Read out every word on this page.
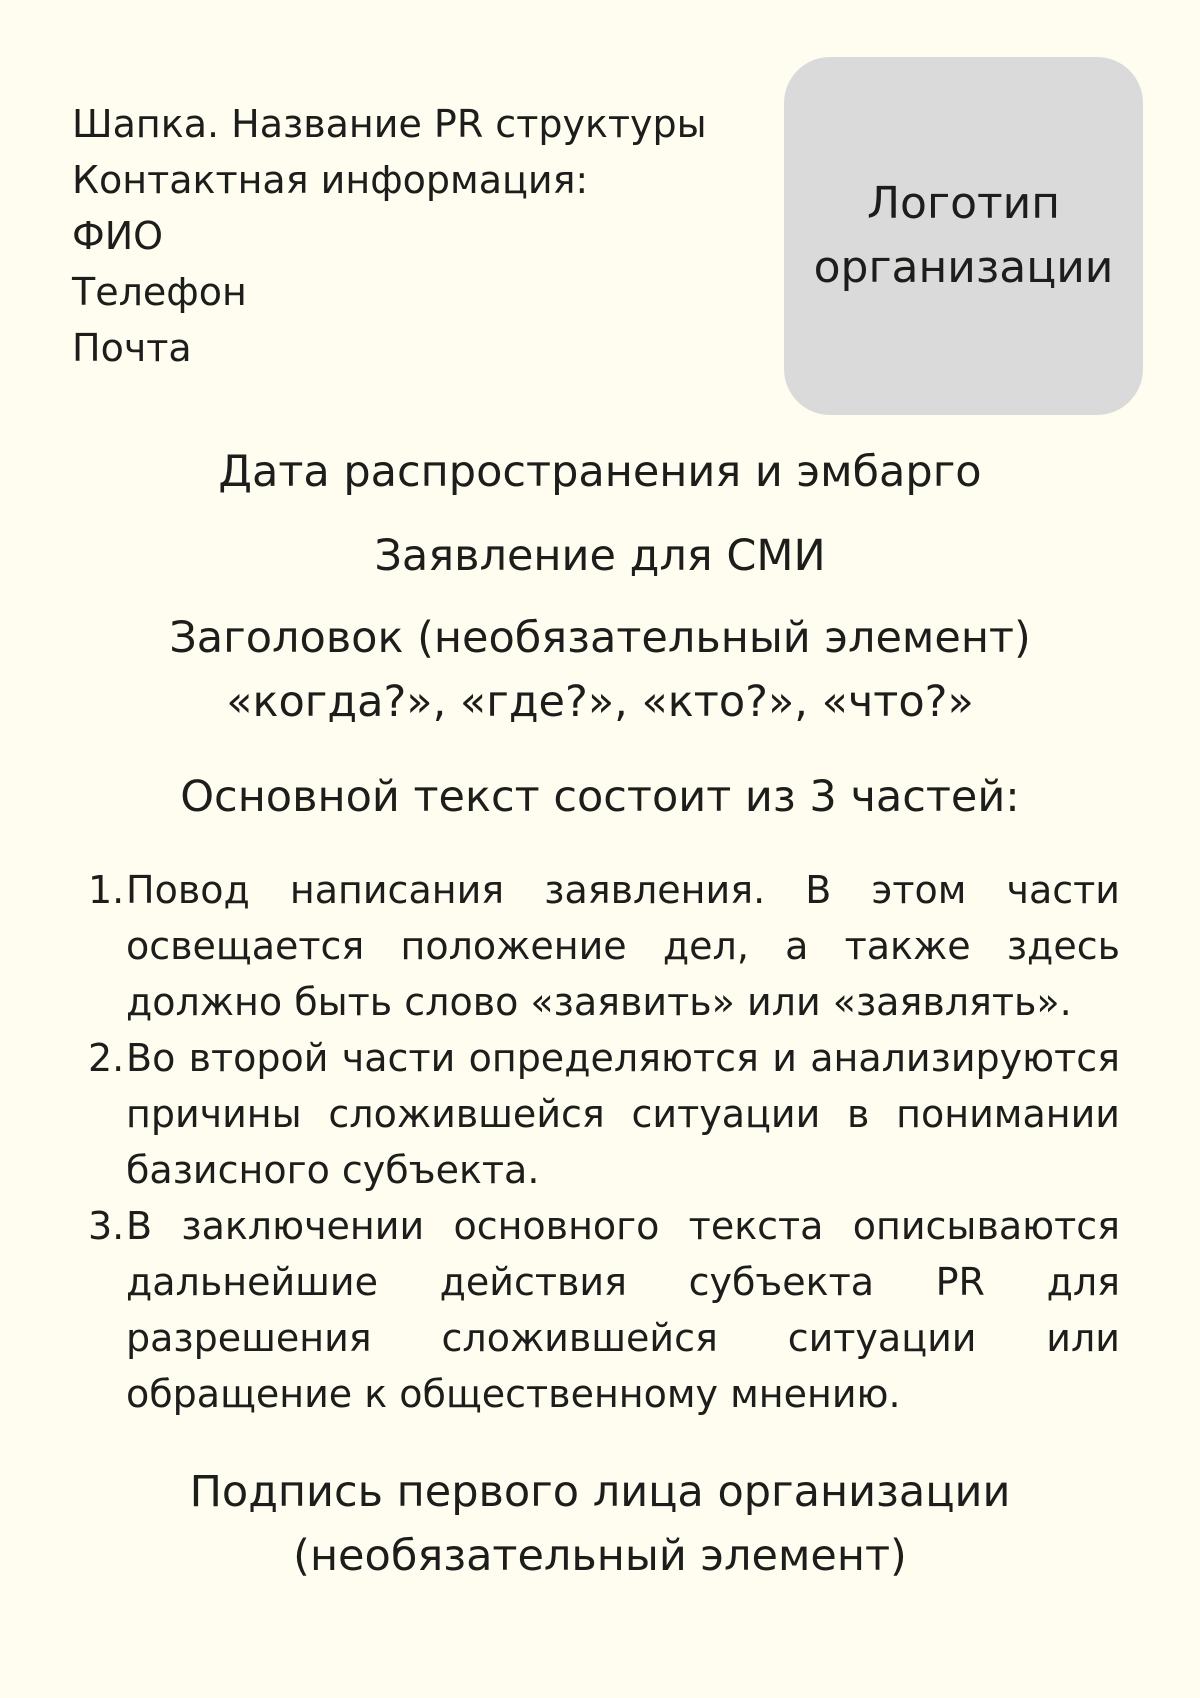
Шапка. Название PR структуры
Контактная информация:
ФИО
Телефон
Почта
Логотип
организации
Дата распространения и эмбарго
Заявление для СМИ
Заголовок (необязательный элемент)
«когда?», «где?», «кто?», «что?»
Основной текст состоит из 3 частей:
1. Повод написания заявления. В этом части освещается положение дел, а также здесь должно быть слово «заявить» или «заявлять».
2. Во второй части определяются и анализируются причины сложившейся ситуации в понимании базисного субъекта.
3. В заключении основного текста описываются дальнейшие действия субъекта PR для разрешения сложившейся ситуации или обращение к общественному мнению.
Подпись первого лица организации
(необязательный элемент)
